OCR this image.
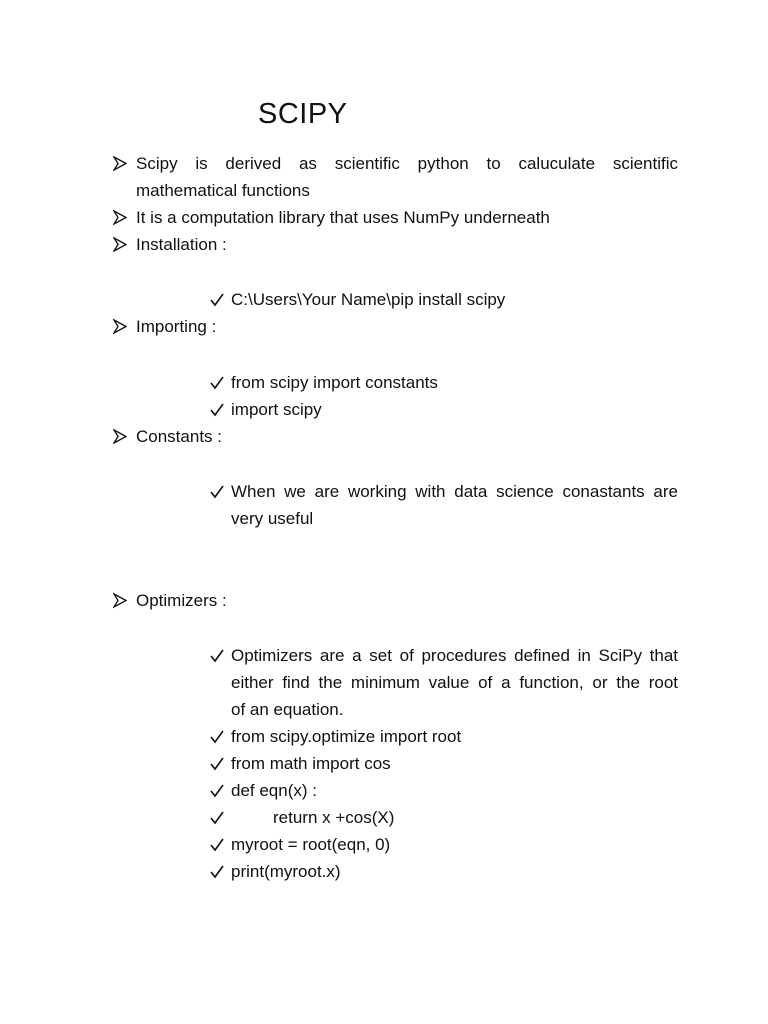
SCIPY
Scipy is derived as scientific python to caluculate scientific
mathematical functions
It is a computation library that uses NumPy underneath
Installation :
C:\Users\Your Name\pip install scipy
Importing :
from scipy import constants
import scipy
Constants :
When we are working with data science conastants are
very useful
Optimizers :
Optimizers are a set of procedures defined in SciPy that
either find the minimum value of a function, or the root
of an equation.
from scipy.optimize import root
from math import cos
def eqn(x) :
return x +cos(X)
myroot = root(eqn, 0)
print(myroot.x)
